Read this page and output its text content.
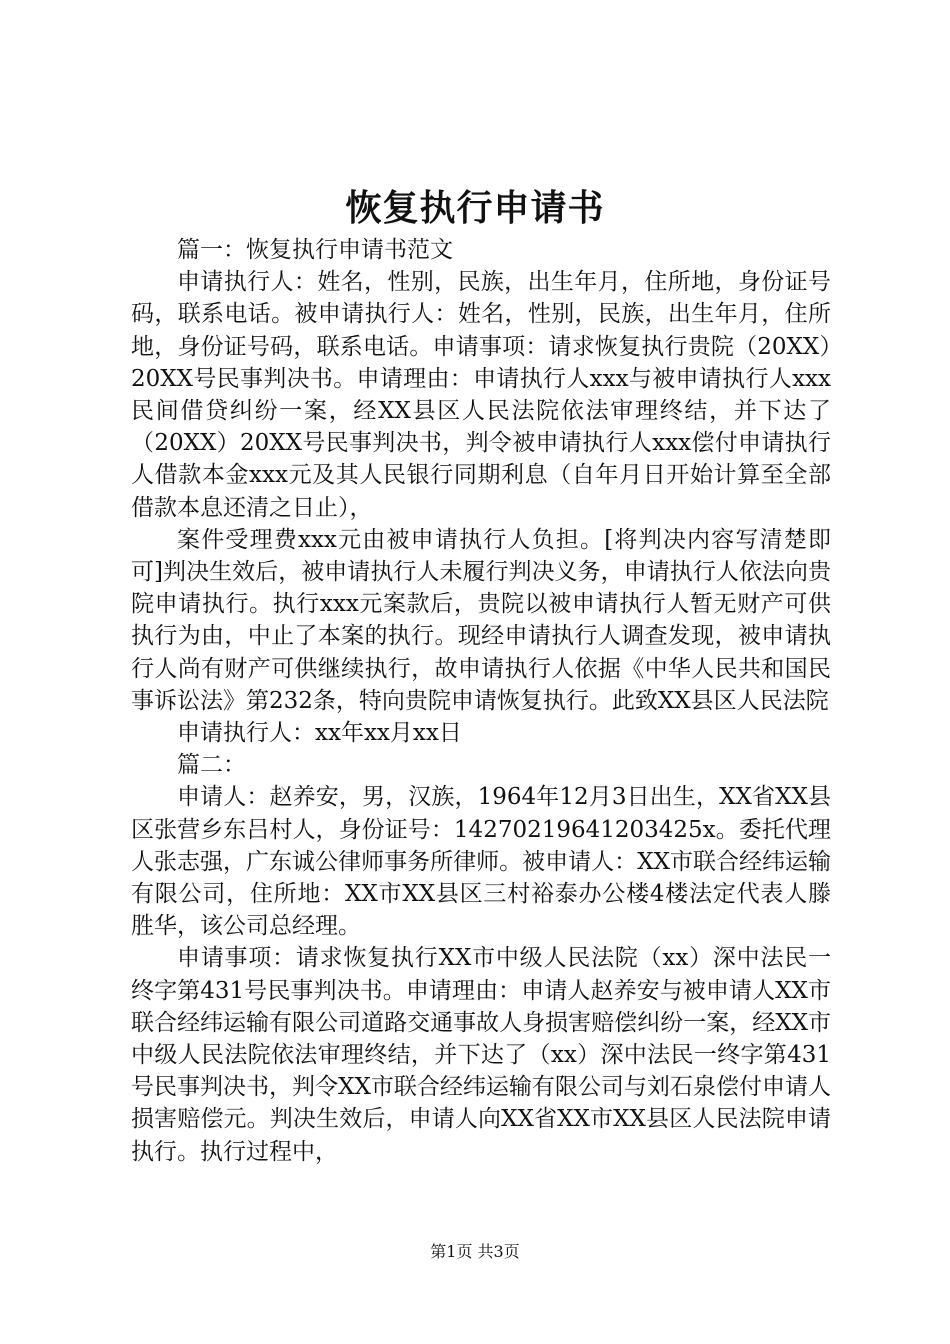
恢复执行申请书

篇一：恢复执行申请书范文

申请执行人：姓名，性别，民族，出生年月，住所地，身份证号码，联系电话。被申请执行人：姓名，性别，民族，出生年月，住所地，身份证号码，联系电话。申请事项：请求恢复执行贵院（20XX）20XX号民事判决书。申请理由：申请执行人xxx与被申请执行人xxx民间借贷纠纷一案，经XX县区人民法院依法审理终结，并下达了（20XX）20XX号民事判决书，判令被申请执行人xxx偿付申请执行人借款本金xxx元及其人民银行同期利息（自年月日开始计算至全部借款本息还清之日止），

案件受理费xxx元由被申请执行人负担。[将判决内容写清楚即可]判决生效后，被申请执行人未履行判决义务，申请执行人依法向贵院申请执行。执行xxx元案款后，贵院以被申请执行人暂无财产可供执行为由，中止了本案的执行。现经申请执行人调查发现，被申请执行人尚有财产可供继续执行，故申请执行人依据《中华人民共和国民事诉讼法》第232条，特向贵院申请恢复执行。此致XX县区人民法院

申请执行人：xx年xx月xx日

篇二：

申请人：赵养安，男，汉族，1964年12月3日出生，XX省XX县区张营乡东吕村人，身份证号：14270219641203425x。委托代理人张志强，广东诚公律师事务所律师。被申请人：XX市联合经纬运输有限公司，住所地：XX市XX县区三村裕泰办公楼4楼法定代表人滕胜华，该公司总经理。

申请事项：请求恢复执行XX市中级人民法院（xx）深中法民一终字第431号民事判决书。申请理由：申请人赵养安与被申请人XX市联合经纬运输有限公司道路交通事故人身损害赔偿纠纷一案，经XX市中级人民法院依法审理终结，并下达了（xx）深中法民一终字第431号民事判决书，判令XX市联合经纬运输有限公司与刘石泉偿付申请人损害赔偿元。判决生效后，申请人向XX省XX市XX县区人民法院申请执行。执行过程中，

第1页 共3页
